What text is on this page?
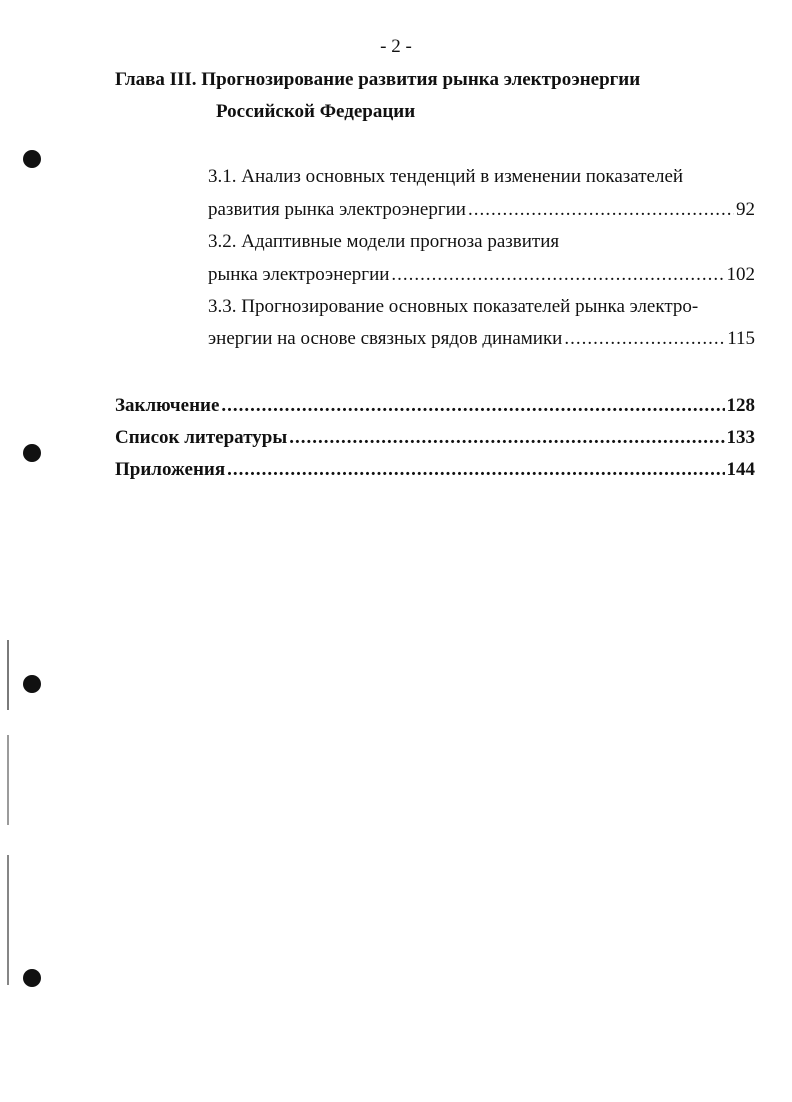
- 2 -
Глава III. Прогнозирование развития рынка электроэнергии
Российской Федерации
3.1. Анализ основных тенденций в изменении показателей
развития рынка электроэнергии .....	92
3.2. Адаптивные модели прогноза развития
рынка электроэнергии .....	102
3.3. Прогнозирование основных показателей рынка электро-
энергии на основе связных рядов динамики .....	115
Заключение .....	128
Список литературы .....	133
Приложения .....	144
